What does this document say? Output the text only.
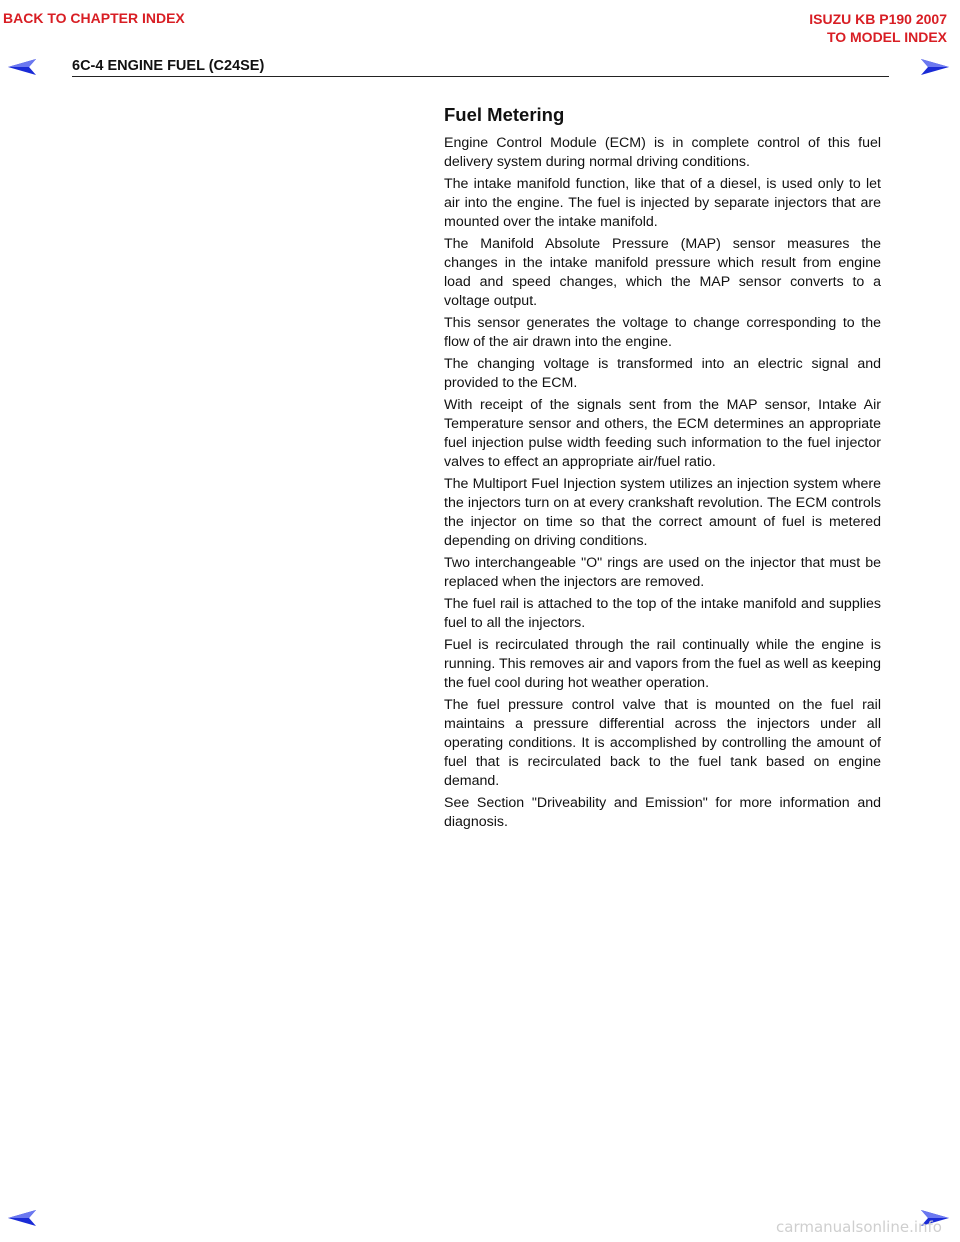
BACK TO CHAPTER INDEX	ISUZU KB P190 2007
TO MODEL INDEX
6C-4 ENGINE FUEL (C24SE)
Fuel Metering

Engine Control Module (ECM) is in complete control of this fuel delivery system during normal driving conditions.

The intake manifold function, like that of a diesel, is used only to let air into the engine. The fuel is injected by separate injectors that are mounted over the intake manifold.

The Manifold Absolute Pressure (MAP) sensor measures the changes in the intake manifold pressure which result from engine load and speed changes, which the MAP sensor converts to a voltage output.

This sensor generates the voltage to change corresponding to the flow of the air drawn into the engine.

The changing voltage is transformed into an electric signal and provided to the ECM.

With receipt of the signals sent from the MAP sensor, Intake Air Temperature sensor and others, the ECM determines an appropriate fuel injection pulse width feeding such information to the fuel injector valves to effect an appropriate air/fuel ratio.

The Multiport Fuel Injection system utilizes an injection system where the injectors turn on at every crankshaft revolution. The ECM controls the injector on time so that the correct amount of fuel is metered depending on driving conditions.

Two interchangeable "O" rings are used on the injector that must be replaced when the injectors are removed.

The fuel rail is attached to the top of the intake manifold and supplies fuel to all the injectors.

Fuel is recirculated through the rail continually while the engine is running. This removes air and vapors from the fuel as well as keeping the fuel cool during hot weather operation.

The fuel pressure control valve that is mounted on the fuel rail maintains a pressure differential across the injectors under all operating conditions. It is accomplished by controlling the amount of fuel that is recirculated back to the fuel tank based on engine demand.

See Section "Driveability and Emission" for more information and diagnosis.

carmanualsonline.info
